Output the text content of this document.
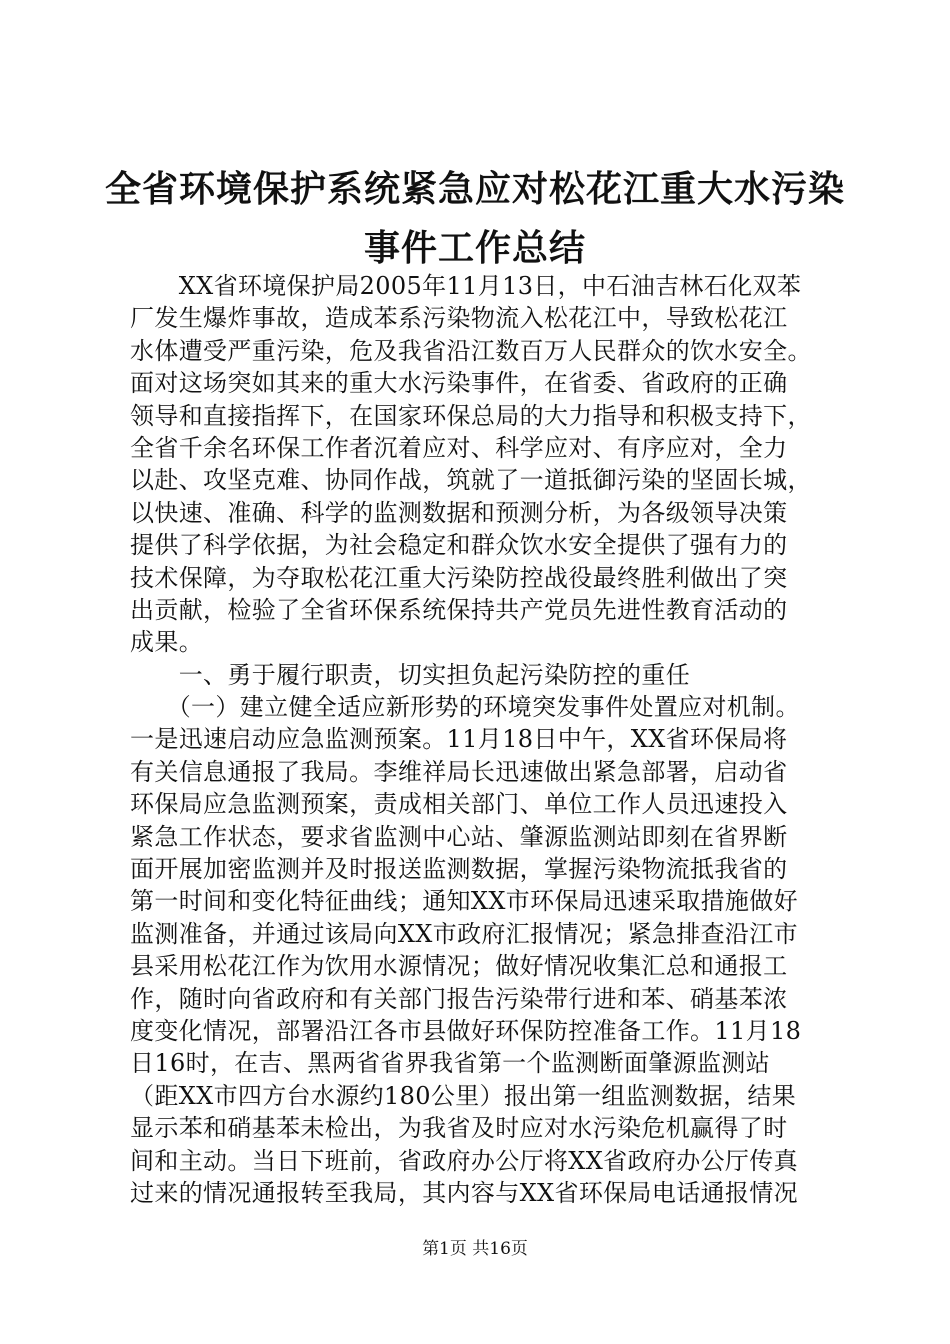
全省环境保护系统紧急应对松花江重大水污染
事件工作总结
　　XX省环境保护局2005年11月13日，中石油吉林石化双苯
厂发生爆炸事故，造成苯系污染物流入松花江中，导致松花江
水体遭受严重污染，危及我省沿江数百万人民群众的饮水安全。
面对这场突如其来的重大水污染事件，在省委、省政府的正确
领导和直接指挥下，在国家环保总局的大力指导和积极支持下，
全省千余名环保工作者沉着应对、科学应对、有序应对，全力
以赴、攻坚克难、协同作战，筑就了一道抵御污染的坚固长城，
以快速、准确、科学的监测数据和预测分析，为各级领导决策
提供了科学依据，为社会稳定和群众饮水安全提供了强有力的
技术保障，为夺取松花江重大污染防控战役最终胜利做出了突
出贡献，检验了全省环保系统保持共产党员先进性教育活动的
成果。
　　一、勇于履行职责，切实担负起污染防控的重任
　　（一）建立健全适应新形势的环境突发事件处置应对机制。
一是迅速启动应急监测预案。11月18日中午，XX省环保局将
有关信息通报了我局。李维祥局长迅速做出紧急部署，启动省
环保局应急监测预案，责成相关部门、单位工作人员迅速投入
紧急工作状态，要求省监测中心站、肇源监测站即刻在省界断
面开展加密监测并及时报送监测数据，掌握污染物流抵我省的
第一时间和变化特征曲线；通知XX市环保局迅速采取措施做好
监测准备，并通过该局向XX市政府汇报情况；紧急排查沿江市
县采用松花江作为饮用水源情况；做好情况收集汇总和通报工
作，随时向省政府和有关部门报告污染带行进和苯、硝基苯浓
度变化情况，部署沿江各市县做好环保防控准备工作。11月18
日16时，在吉、黑两省省界我省第一个监测断面肇源监测站
（距XX市四方台水源约180公里）报出第一组监测数据，结果
显示苯和硝基苯未检出，为我省及时应对水污染危机赢得了时
间和主动。当日下班前，省政府办公厅将XX省政府办公厅传真
过来的情况通报转至我局，其内容与XX省环保局电话通报情况
第1页 共16页
